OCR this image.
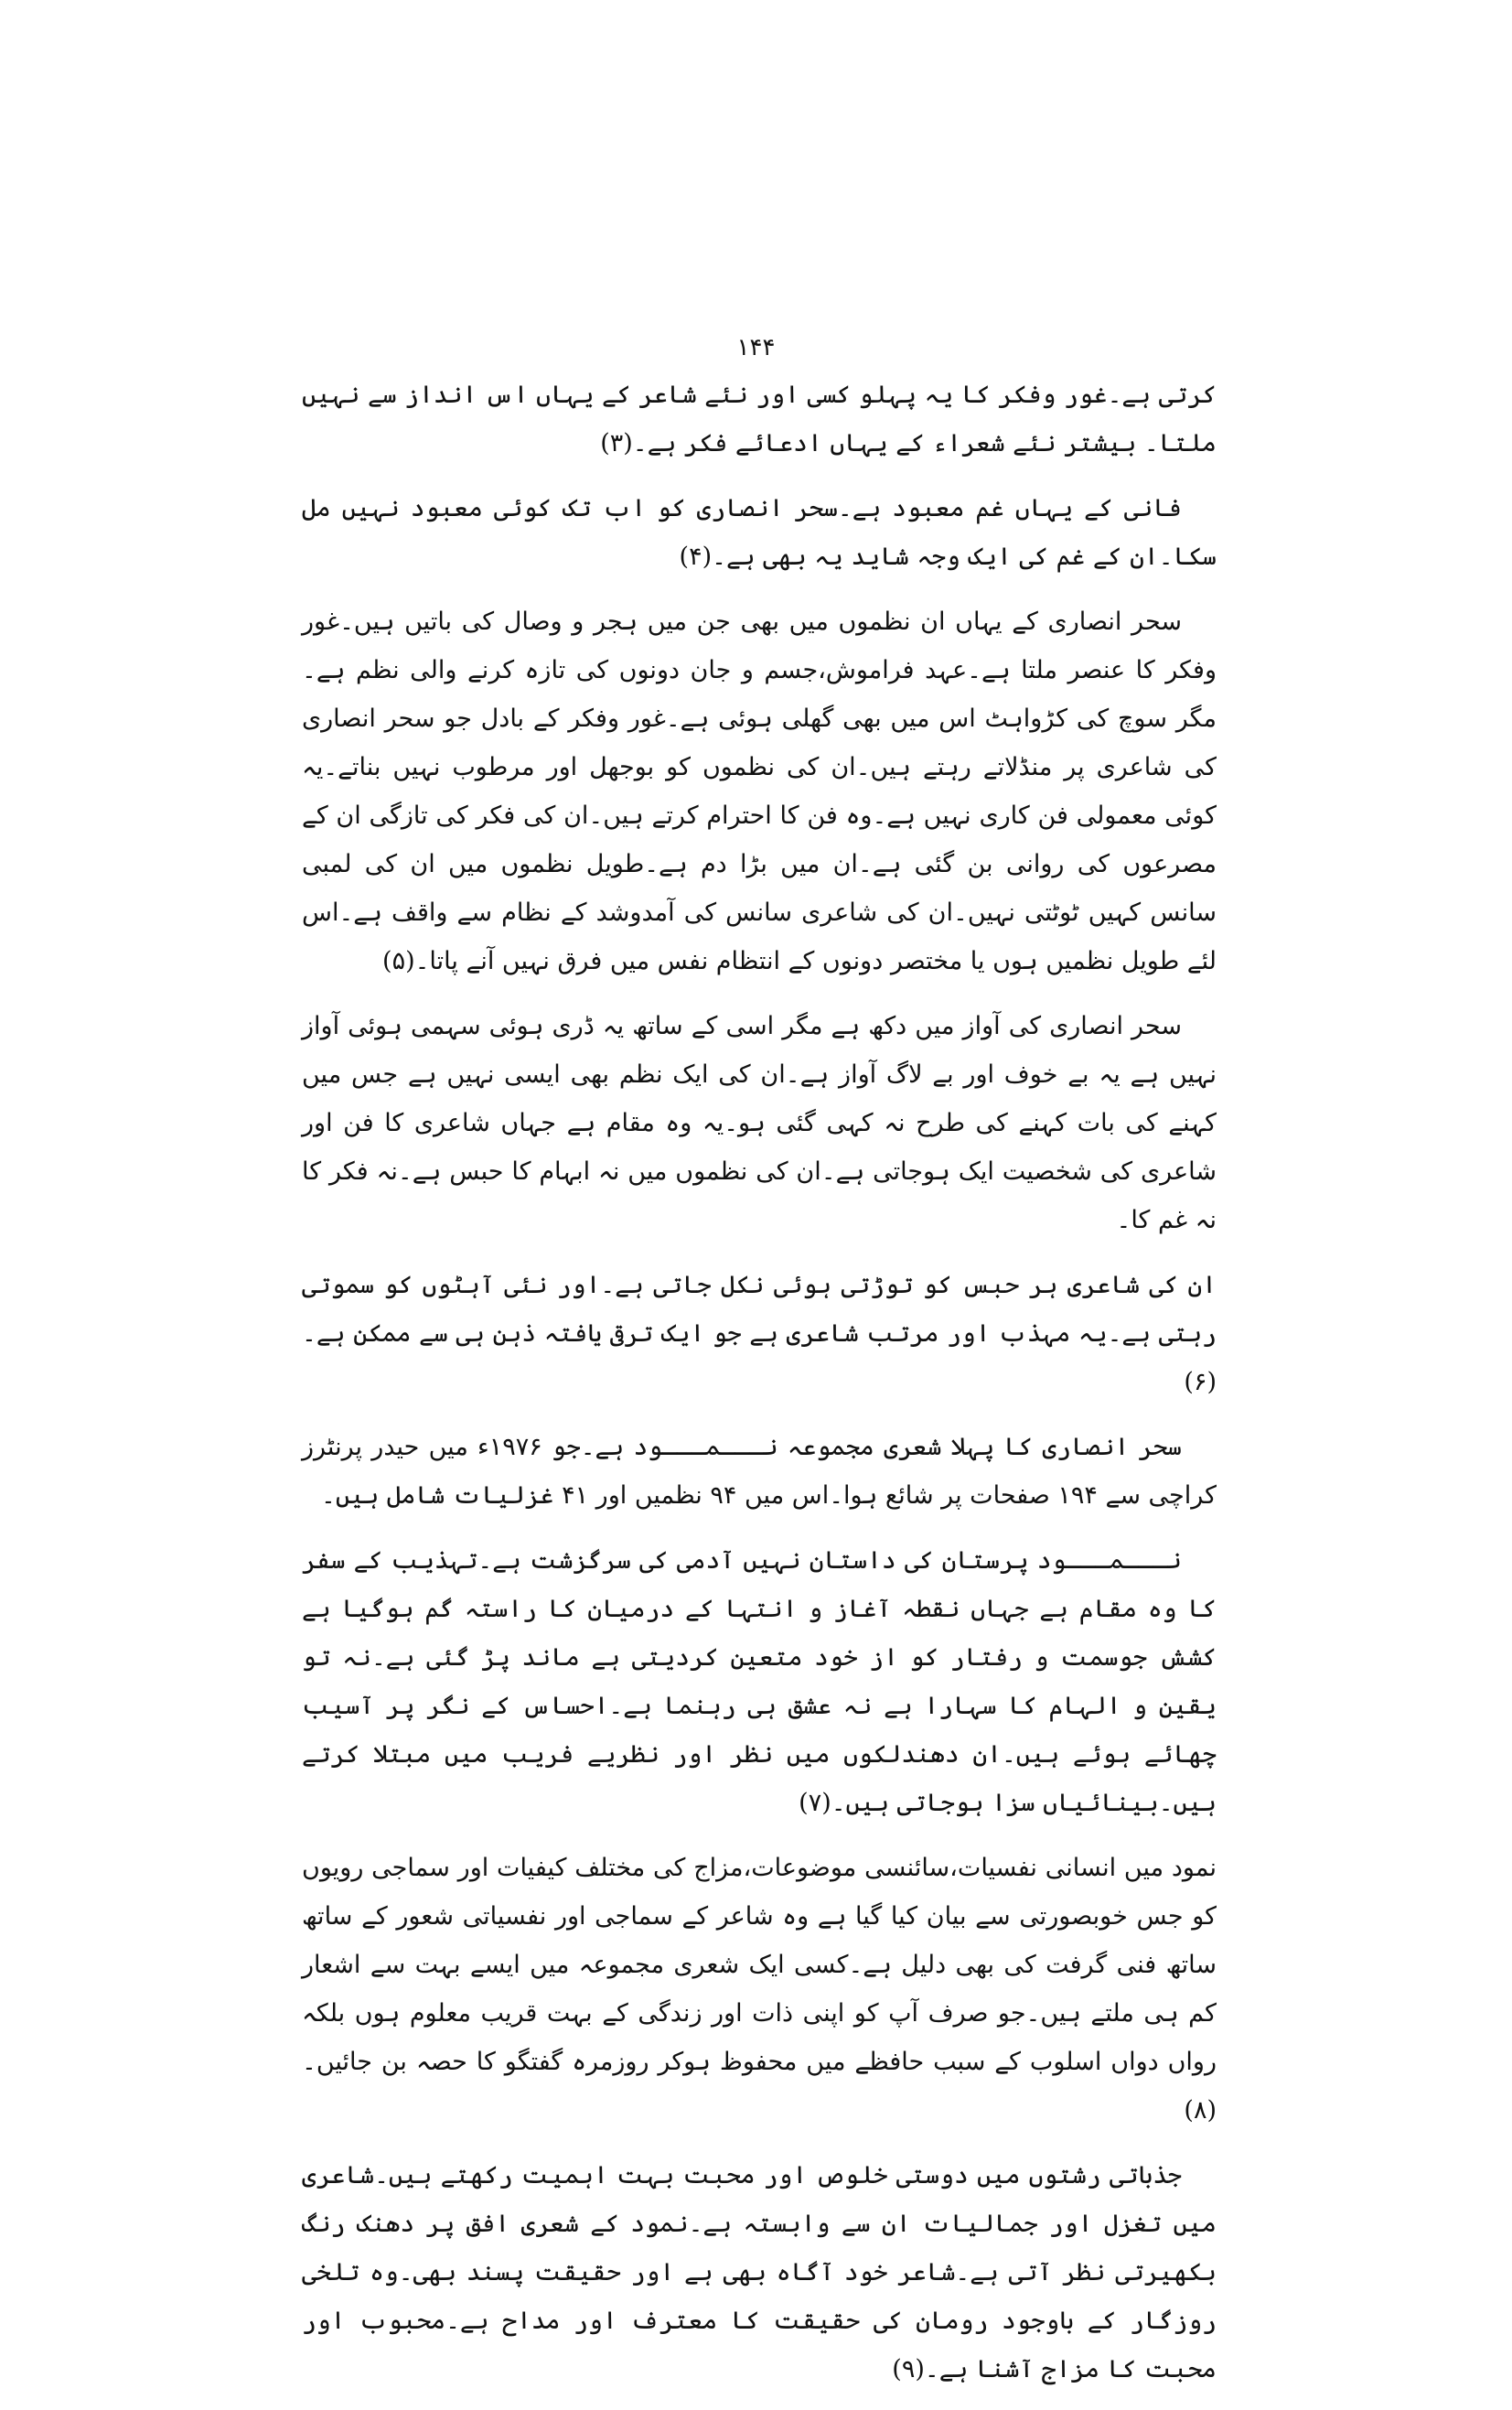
۱۴۴

کرتی ہے۔غور وفکر کا یہ پہلو کسی اور نئے شاعر کے یہاں اس انداز سے نہیں ملتا۔ بیشتر نئے شعراء کے یہاں ادعائے فکر ہے۔(۳)

فانی کے یہاں غم معبود ہے۔سحر انصاری کو اب تک کوئی معبود نہیں مل سکا۔ان کے غم کی ایک وجہ شاید یہ بھی ہے۔(۴)

سحر انصاری کے یہاں ان نظموں میں بھی جن میں ہجر و وصال کی باتیں ہیں۔غور وفکر کا عنصر ملتا ہے۔عہد فراموش،جسم و جان دونوں کی تازہ کرنے والی نظم ہے۔مگر سوچ کی کڑواہٹ اس میں بھی گھلی ہوئی ہے۔غور وفکر کے بادل جو سحر انصاری کی شاعری پر منڈلاتے رہتے ہیں۔ان کی نظموں کو بوجھل اور مرطوب نہیں بناتے۔یہ کوئی معمولی فن کاری نہیں ہے۔وہ فن کا احترام کرتے ہیں۔ان کی فکر کی تازگی ان کے مصرعوں کی روانی بن گئی ہے۔ان میں بڑا دم ہے۔طویل نظموں میں ان کی لمبی سانس کہیں ٹوٹتی نہیں۔ان کی شاعری سانس کی آمدوشد کے نظام سے واقف ہے۔اس لئے طویل نظمیں ہوں یا مختصر دونوں کے انتظام نفس میں فرق نہیں آنے پاتا۔(۵)

سحر انصاری کی آواز میں دکھ ہے مگر اسی کے ساتھ یہ ڈری ہوئی سہمی ہوئی آواز نہیں ہے یہ بے خوف اور بے لاگ آواز ہے۔ان کی ایک نظم بھی ایسی نہیں ہے جس میں کہنے کی بات کہنے کی طرح نہ کہی گئی ہو۔یہ وہ مقام ہے جہاں شاعری کا فن اور شاعری کی شخصیت ایک ہوجاتی ہے۔ان کی نظموں میں نہ ابہام کا حبس ہے۔نہ فکر کا نہ غم کا۔

ان کی شاعری ہر حبس کو توڑتی ہوئی نکل جاتی ہے۔اور نئی آہٹوں کو سموتی رہتی ہے۔یہ مہذب اور مرتب شاعری ہے جو ایک ترقی یافتہ ذہن ہی سے ممکن ہے۔(۶)

سحر انصاری کا پہلا شعری مجموعہ نـــمـــود ہے۔جو ۱۹۷۶ء میں حیدر پرنٹرز کراچی سے ۱۹۴ صفحات پر شائع ہوا۔اس میں ۹۴ نظمیں اور ۴۱ غزلیات شامل ہیں۔

نـــمـــود پرستان کی داستان نہیں آدمی کی سرگزشت ہے۔تہذیب کے سفر کا وہ مقام ہے جہاں نقطہ آغاز و انتہا کے درمیان کا راستہ گم ہوگیا ہے کشش جوسمت و رفتار کو از خود متعین کردیتی ہے ماند پڑ گئی ہے۔نہ تو یقین و الہام کا سہارا ہے نہ عشق ہی رہنما ہے۔احساس کے نگر پر آسیب چھائے ہوئے ہیں۔ان دھندلکوں میں نظر اور نظریے فریب میں مبتلا کرتے ہیں۔بینائیاں سزا ہوجاتی ہیں۔(۷)

نمود میں انسانی نفسیات،سائنسی موضوعات،مزاج کی مختلف کیفیات اور سماجی رویوں کو جس خوبصورتی سے بیان کیا گیا ہے وہ شاعر کے سماجی اور نفسیاتی شعور کے ساتھ ساتھ فنی گرفت کی بھی دلیل ہے۔کسی ایک شعری مجموعہ میں ایسے بہت سے اشعار کم ہی ملتے ہیں۔جو صرف آپ کو اپنی ذات اور زندگی کے بہت قریب معلوم ہوں بلکہ رواں دواں اسلوب کے سبب حافظے میں محفوظ ہوکر روزمرہ گفتگو کا حصہ بن جائیں۔(۸)

جذباتی رشتوں میں دوستی خلوص اور محبت بہت اہمیت رکھتے ہیں۔شاعری میں تغزل اور جمالیات ان سے وابستہ ہے۔نمود کے شعری افق پر دھنک رنگ بکھیرتی نظر آتی ہے۔شاعر خود آگاہ بھی ہے اور حقیقت پسند بھی۔وہ تلخی روزگار کے باوجود رومان کی حقیقت کا معترف اور مداح ہے۔محبوب اور محبت کا مزاج آشنا ہے۔(۹)
